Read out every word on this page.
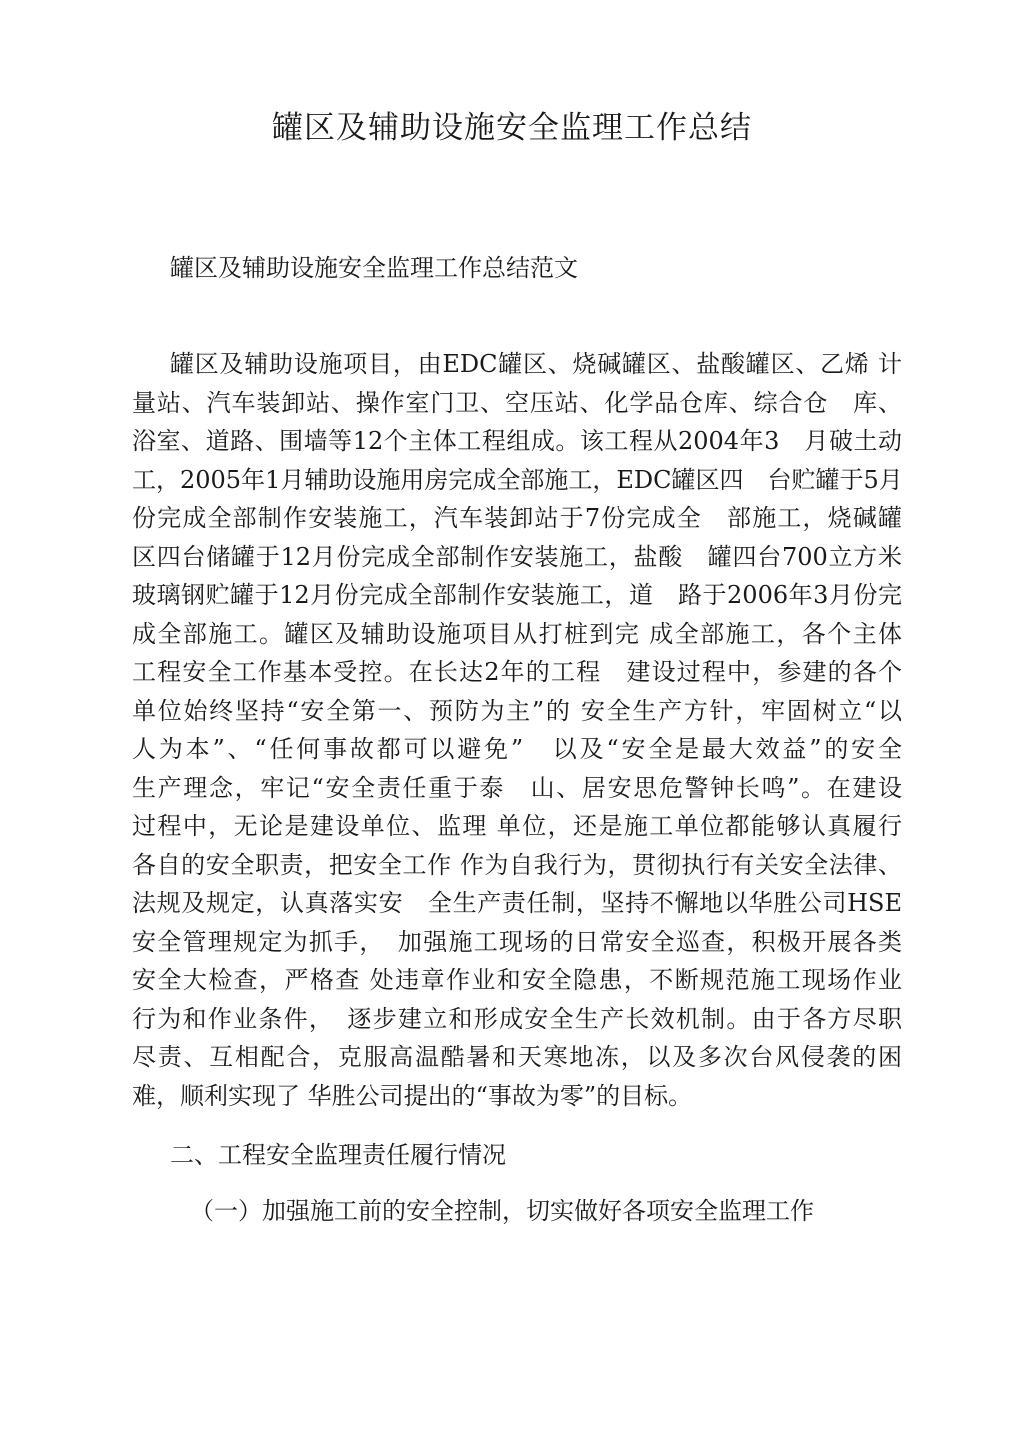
罐区及辅助设施安全监理工作总结

罐区及辅助设施安全监理工作总结范文

罐区及辅助设施项目，由EDC罐区、烧碱罐区、盐酸罐区、乙烯 计
量站、汽车装卸站、操作室门卫、空压站、化学品仓库、综合仓　库、
浴室、道路、围墙等12个主体工程组成。该工程从2004年3　月破土动
工，2005年1月辅助设施用房完成全部施工，EDC罐区四　台贮罐于5月
份完成全部制作安装施工，汽车装卸站于7份完成全　部施工，烧碱罐
区四台储罐于12月份完成全部制作安装施工，盐酸　罐四台700立方米
玻璃钢贮罐于12月份完成全部制作安装施工，道　路于2006年3月份完
成全部施工。罐区及辅助设施项目从打桩到完 成全部施工，各个主体
工程安全工作基本受控。在长达2年的工程　建设过程中，参建的各个
单位始终坚持“安全第一、预防为主”的 安全生产方针，牢固树立“以
人为本”、“任何事故都可以避免”　以及“安全是最大效益”的安全
生产理念，牢记“安全责任重于泰　山、居安思危警钟长鸣”。在建设
过程中，无论是建设单位、监理 单位，还是施工单位都能够认真履行
各自的安全职责，把安全工作 作为自我行为，贯彻执行有关安全法律、
法规及规定，认真落实安　全生产责任制，坚持不懈地以华胜公司HSE
安全管理规定为抓手，　加强施工现场的日常安全巡查，积极开展各类
安全大检查，严格查 处违章作业和安全隐患，不断规范施工现场作业
行为和作业条件，　逐步建立和形成安全生产长效机制。由于各方尽职
尽责、互相配合，克服高温酷暑和天寒地冻，以及多次台风侵袭的困
难，顺利实现了 华胜公司提出的“事故为零”的目标。

二、工程安全监理责任履行情况
（一）加强施工前的安全控制，切实做好各项安全监理工作
